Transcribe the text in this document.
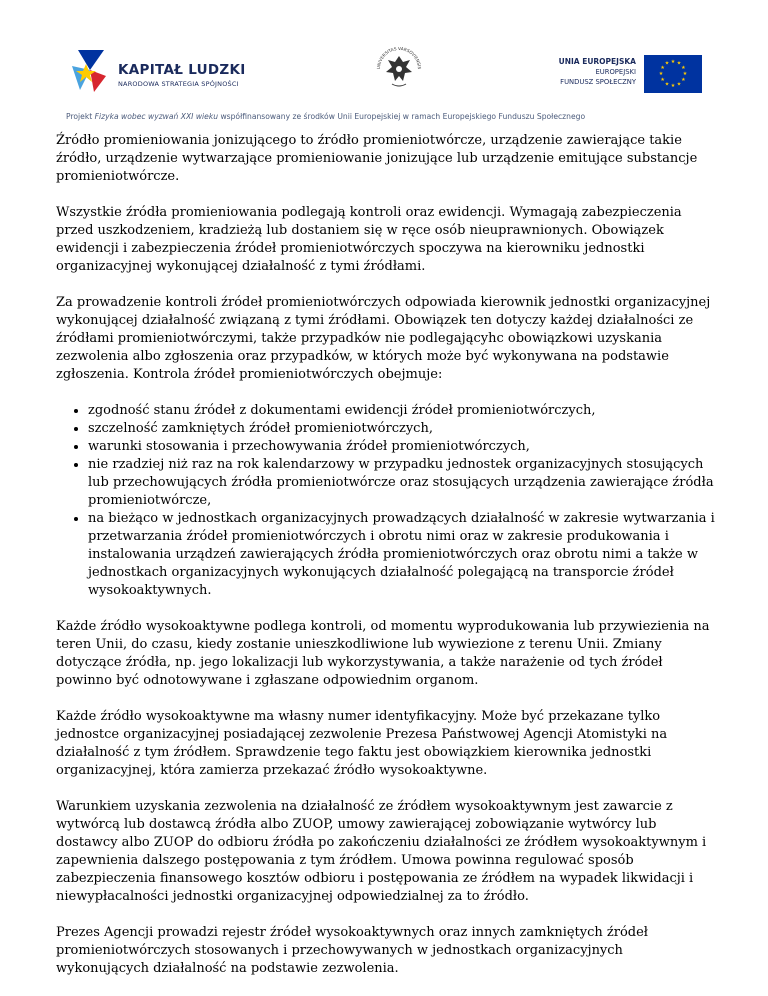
KAPITAŁ LUDZKI
NARODOWA STRATEGIA SPÓJNOŚCI
UNIVERSITAS VARSOVIENSIS
UNIA EUROPEJSKA
EUROPEJSKI
FUNDUSZ SPOŁECZNY
★ ★
★
★
★
★
★
★
★
★
★
★
Projekt Fizyka wobec wyzwań XXI wieku współfinansowany ze środków Unii Europejskiej w ramach Europejskiego Funduszu Społecznego

Źródło promieniowania jonizującego to źródło promieniotwórcze, urządzenie zawierające takie źródło, urządzenie wytwarzające promieniowanie jonizujące lub urządzenie emitujące substancje promieniotwórcze.

Wszystkie źródła promieniowania podlegają kontroli oraz ewidencji. Wymagają zabezpieczenia przed uszkodzeniem, kradzieżą lub dostaniem się w ręce osób nieuprawnionych. Obowiązek ewidencji i zabezpieczenia źródeł promieniotwórczych spoczywa na kierowniku jednostki organizacyjnej wykonującej działalność z tymi źródłami.

Za prowadzenie kontroli źródeł promieniotwórczych odpowiada kierownik jednostki organizacyjnej wykonującej działalność związaną z tymi źródłami. Obowiązek ten dotyczy każdej działalności ze źródłami promieniotwórczymi, także przypadków nie podlegającyhc obowiązkowi uzyskania zezwolenia albo zgłoszenia oraz przypadków, w których może być wykonywana na podstawie zgłoszenia. Kontrola źródeł promieniotwórczych obejmuje:

• zgodność stanu źródeł z dokumentami ewidencji źródeł promieniotwórczych,
• szczelność zamkniętych źródeł promieniotwórczych,
• warunki stosowania i przechowywania źródeł promieniotwórczych,
• nie rzadziej niż raz na rok kalendarzowy w przypadku jednostek organizacyjnych stosujących lub przechowujących źródła promieniotwórcze oraz stosujących urządzenia zawierające źródła promieniotwórcze,
• na bieżąco w jednostkach organizacyjnych prowadzących działalność w zakresie wytwarzania i przetwarzania źródeł promieniotwórczych i obrotu nimi oraz w zakresie produkowania i instalowania urządzeń zawierających źródła promieniotwórczych oraz obrotu nimi a także w jednostkach organizacyjnych wykonujących działalność polegającą na transporcie źródeł wysokoaktywnych.

Każde źródło wysokoaktywne podlega kontroli, od momentu wyprodukowania lub przywiezienia na teren Unii, do czasu, kiedy zostanie unieszkodliwione lub wywiezione z terenu Unii. Zmiany dotyczące źródła, np. jego lokalizacji lub wykorzystywania, a także narażenie od tych źródeł powinno być odnotowywane i zgłaszane odpowiednim organom.

Każde źródło wysokoaktywne ma własny numer identyfikacyjny. Może być przekazane tylko jednostce organizacyjnej posiadającej zezwolenie Prezesa Państwowej Agencji Atomistyki na działalność z tym źródłem. Sprawdzenie tego faktu jest obowiązkiem kierownika jednostki organizacyjnej, która zamierza przekazać źródło wysokoaktywne.

Warunkiem uzyskania zezwolenia na działalność ze źródłem wysokoaktywnym jest zawarcie z wytwórcą lub dostawcą źródła albo ZUOP, umowy zawierającej zobowiązanie wytwórcy lub dostawcy albo ZUOP do odbioru źródła po zakończeniu działalności ze źródłem wysokoaktywnym i zapewnienia dalszego postępowania z tym źródłem. Umowa powinna regulować sposób zabezpieczenia finansowego kosztów odbioru i postępowania ze źródłem na wypadek likwidacji i niewypłacalności jednostki organizacyjnej odpowiedzialnej za to źródło.

Prezes Agencji prowadzi rejestr źródeł wysokoaktywnych oraz innych zamkniętych źródeł promieniotwórczych stosowanych i przechowywanych w jednostkach organizacyjnych wykonujących działalność na podstawie zezwolenia.
